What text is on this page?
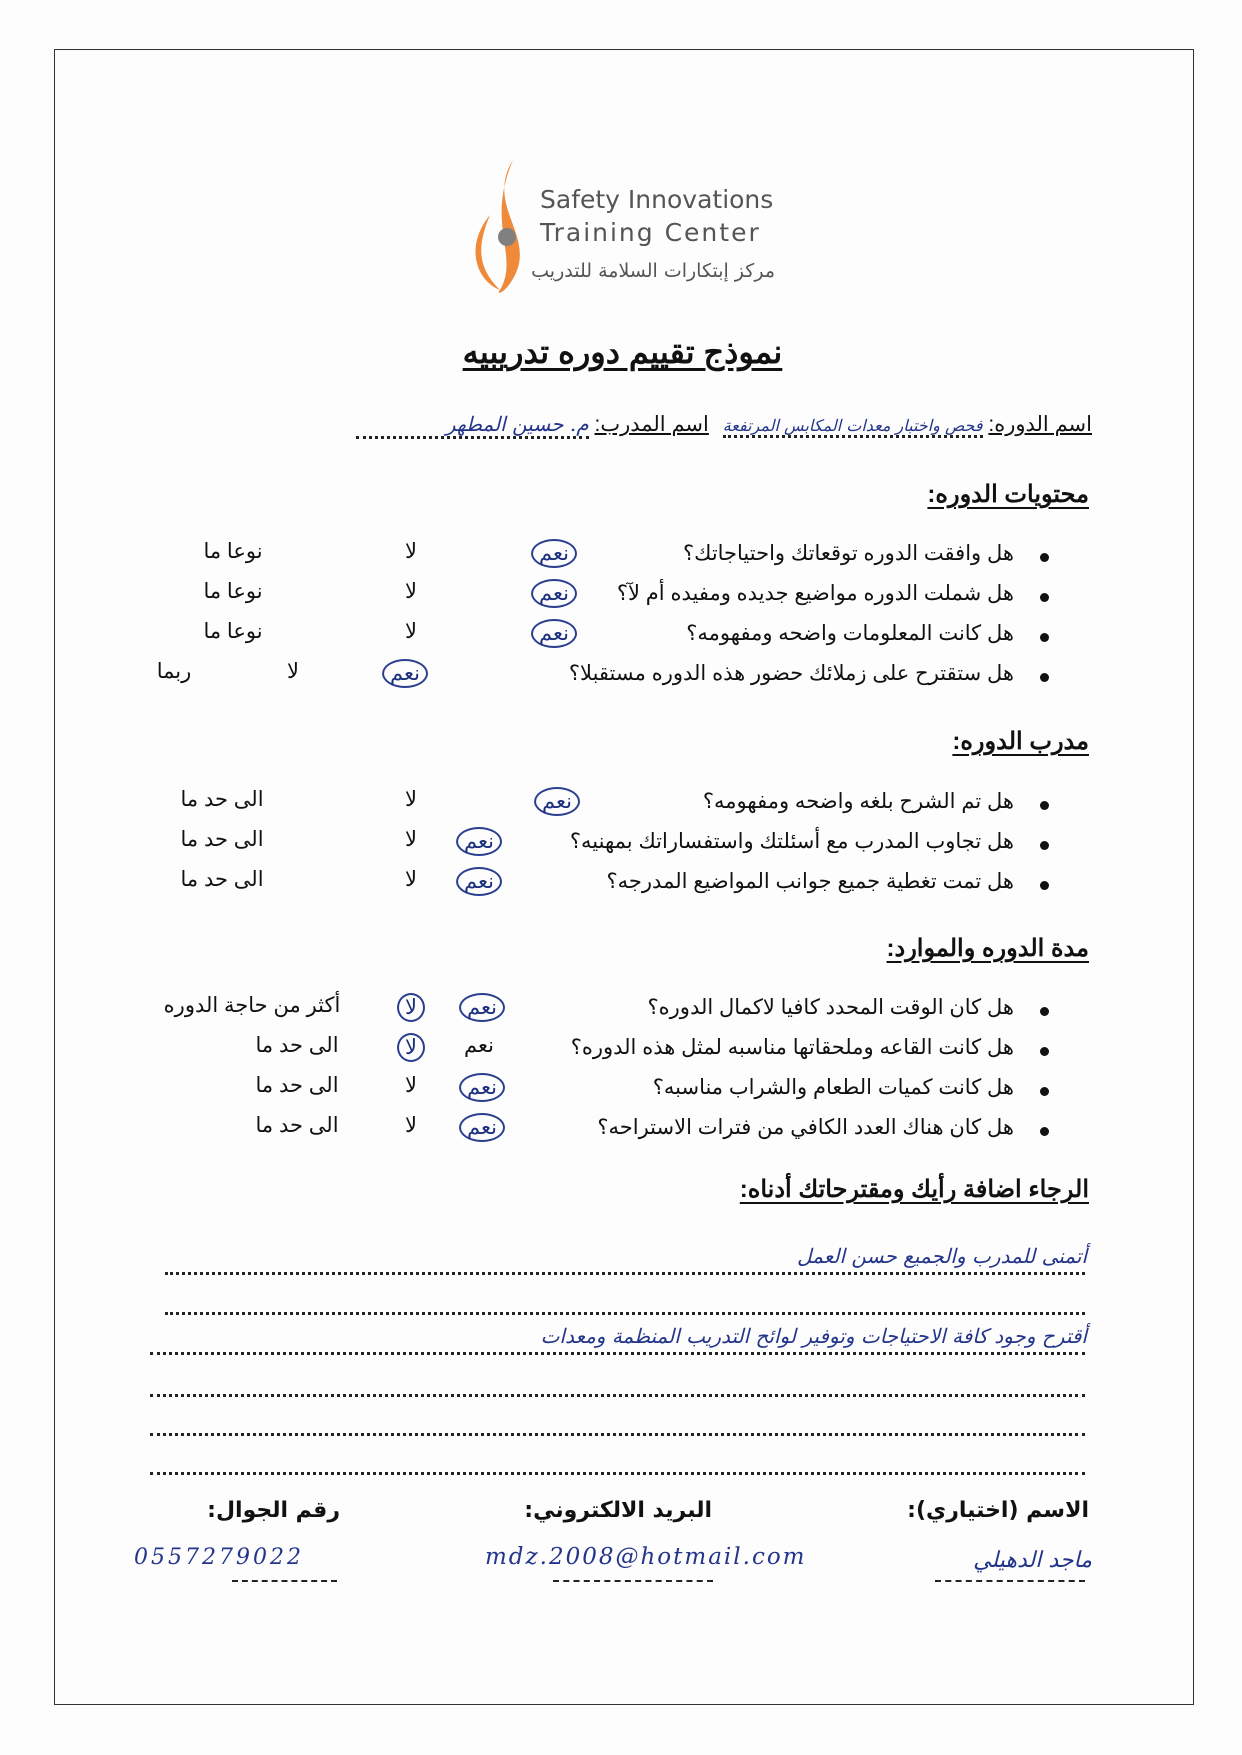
Safety Innovations
Training Center
مركز إبتكارات السلامة للتدريب
نموذج تقييم دوره تدريبيه
اسم الدوره: فحص واختبار معدات المكابس المرتفعة اسم المدرب: م. حسين المطهر
محتويات الدوره:
هل وافقت الدوره توقعاتك واحتياجاتك؟
نعم
لا
نوعا ما
هل شملت الدوره مواضيع جديده ومفيده أم لآ؟
نعم
لا
نوعا ما
هل كانت المعلومات واضحه ومفهومه؟
نعم
لا
نوعا ما
هل ستقترح على زملائك حضور هذه الدوره مستقبلا؟
نعم
لا
ربما
مدرب الدوره:
هل تم الشرح بلغه واضحه ومفهومه؟
نعم
لا
الى حد ما
هل تجاوب المدرب مع أسئلتك واستفساراتك بمهنيه؟
نعم
لا
الى حد ما
هل تمت تغطية جميع جوانب المواضيع المدرجه؟
نعم
لا
الى حد ما
مدة الدوره والموارد:
هل كان الوقت المحدد كافيا لاكمال الدوره؟
نعم
لا
أكثر من حاجة الدوره
هل كانت القاعه وملحقاتها مناسبه لمثل هذه الدوره؟
نعم
لا
الى حد ما
هل كانت كميات الطعام والشراب مناسبه؟
نعم
لا
الى حد ما
هل كان هناك العدد الكافي من فترات الاستراحه؟
نعم
لا
الى حد ما
الرجاء اضافة رأيك ومقترحاتك أدناه:
أتمنى للمدرب والجميع حسن العمل
أقترح وجود كافة الاحتياجات وتوفير لوائح التدريب المنظمة ومعدات
الاسم (اختياري):
البريد الالكتروني:
رقم الجوال:
ماجد الدهيلي
mdz.2008@hotmail.com
0557279022
